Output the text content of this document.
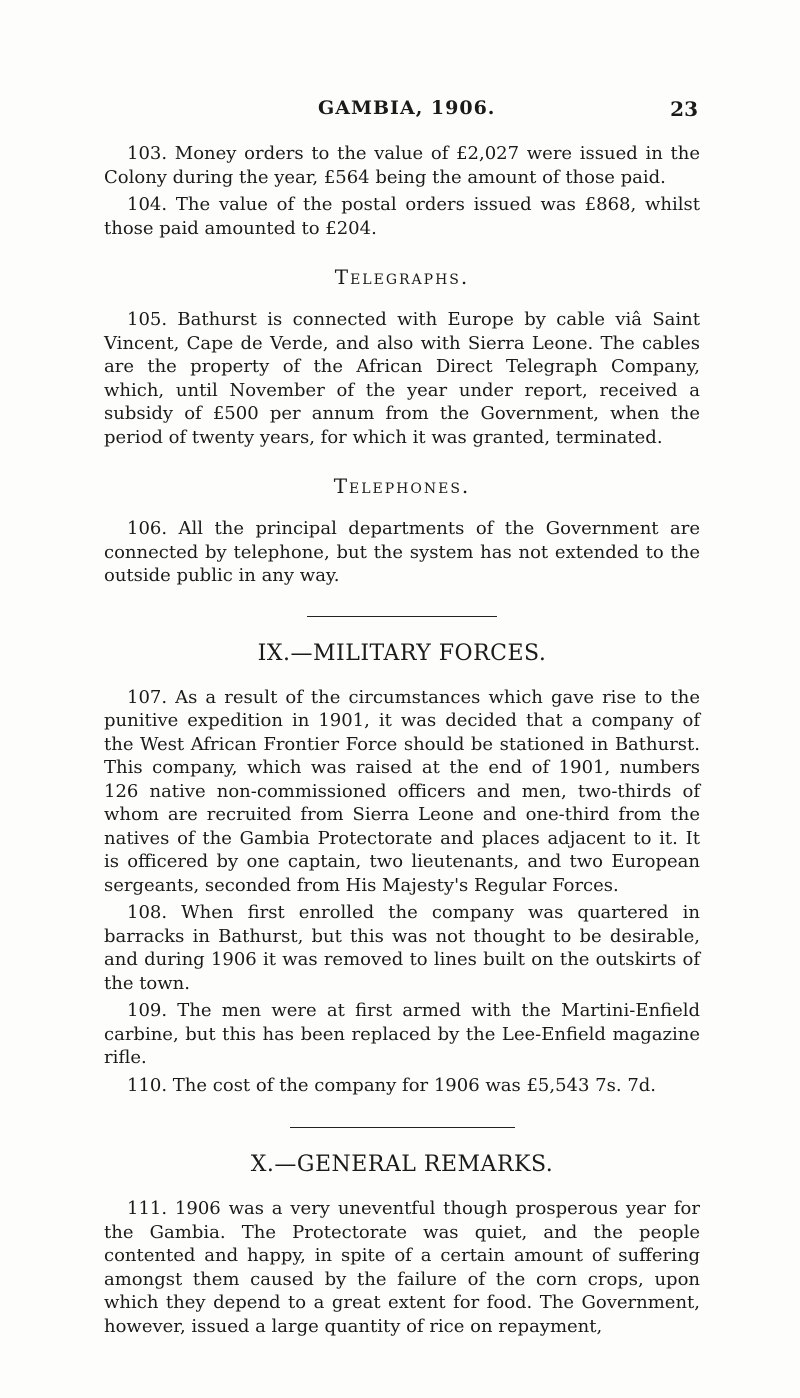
GAMBIA, 1906.	23

103. Money orders to the value of £2,027 were issued in the Colony during the year, £564 being the amount of those paid.

104. The value of the postal orders issued was £868, whilst those paid amounted to £204.

Telegraphs.

105. Bathurst is connected with Europe by cable viâ Saint Vincent, Cape de Verde, and also with Sierra Leone. The cables are the property of the African Direct Telegraph Company, which, until November of the year under report, received a subsidy of £500 per annum from the Government, when the period of twenty years, for which it was granted, terminated.

Telephones.

106. All the principal departments of the Government are connected by telephone, but the system has not extended to the outside public in any way.

IX.—MILITARY FORCES.

107. As a result of the circumstances which gave rise to the punitive expedition in 1901, it was decided that a company of the West African Frontier Force should be stationed in Bathurst. This company, which was raised at the end of 1901, numbers 126 native non-commissioned officers and men, two-thirds of whom are recruited from Sierra Leone and one-third from the natives of the Gambia Protectorate and places adjacent to it. It is officered by one captain, two lieutenants, and two European sergeants, seconded from His Majesty's Regular Forces.

108. When first enrolled the company was quartered in barracks in Bathurst, but this was not thought to be desirable, and during 1906 it was removed to lines built on the outskirts of the town.

109. The men were at first armed with the Martini-Enfield carbine, but this has been replaced by the Lee-Enfield magazine rifle.

110. The cost of the company for 1906 was £5,543 7s. 7d.

X.—GENERAL REMARKS.

111. 1906 was a very uneventful though prosperous year for the Gambia. The Protectorate was quiet, and the people contented and happy, in spite of a certain amount of suffering amongst them caused by the failure of the corn crops, upon which they depend to a great extent for food. The Government, however, issued a large quantity of rice on repayment,
